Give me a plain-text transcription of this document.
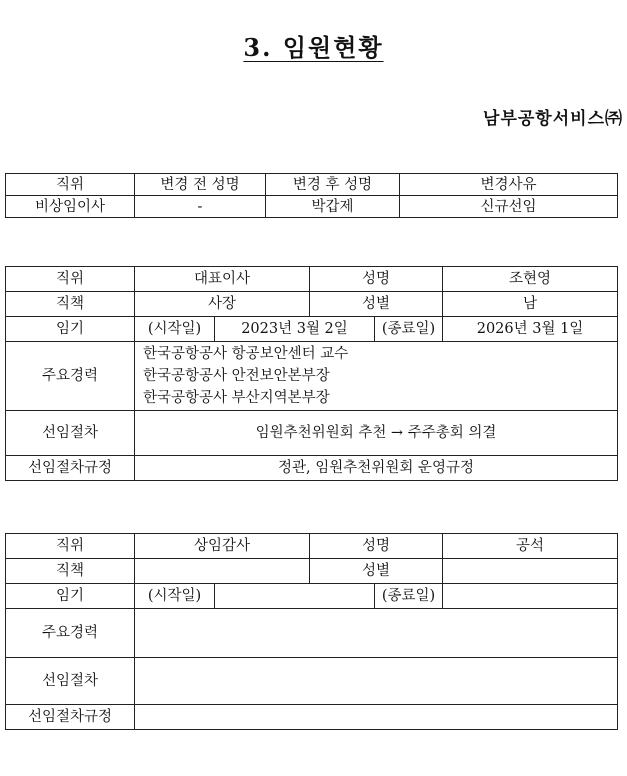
3. 임원현황
남부공항서비스㈜
직위	변경 전 성명	변경 후 성명	변경사유
비상임이사	-	박갑제	신규선임
직위	대표이사		성명		조현영
직책	사장		성별		남
임기	(시작일)	2023년 3월 2일		(종료일)	2026년 3월 1일
주요경력	한국공항공사 항공보안센터 교수
한국공항공사 안전보안본부장
한국공항공사 부산지역본부장				

선임절차	임원추천위원회 추천 → 주주총회 의결				
선임절차규정	정관, 임원추천위원회 운영규정				
직위	상임감사		성명		공석
직책			성별		
임기	(시작일)			(종료일)	
주요경력					
선임절차					
선임절차규정					
